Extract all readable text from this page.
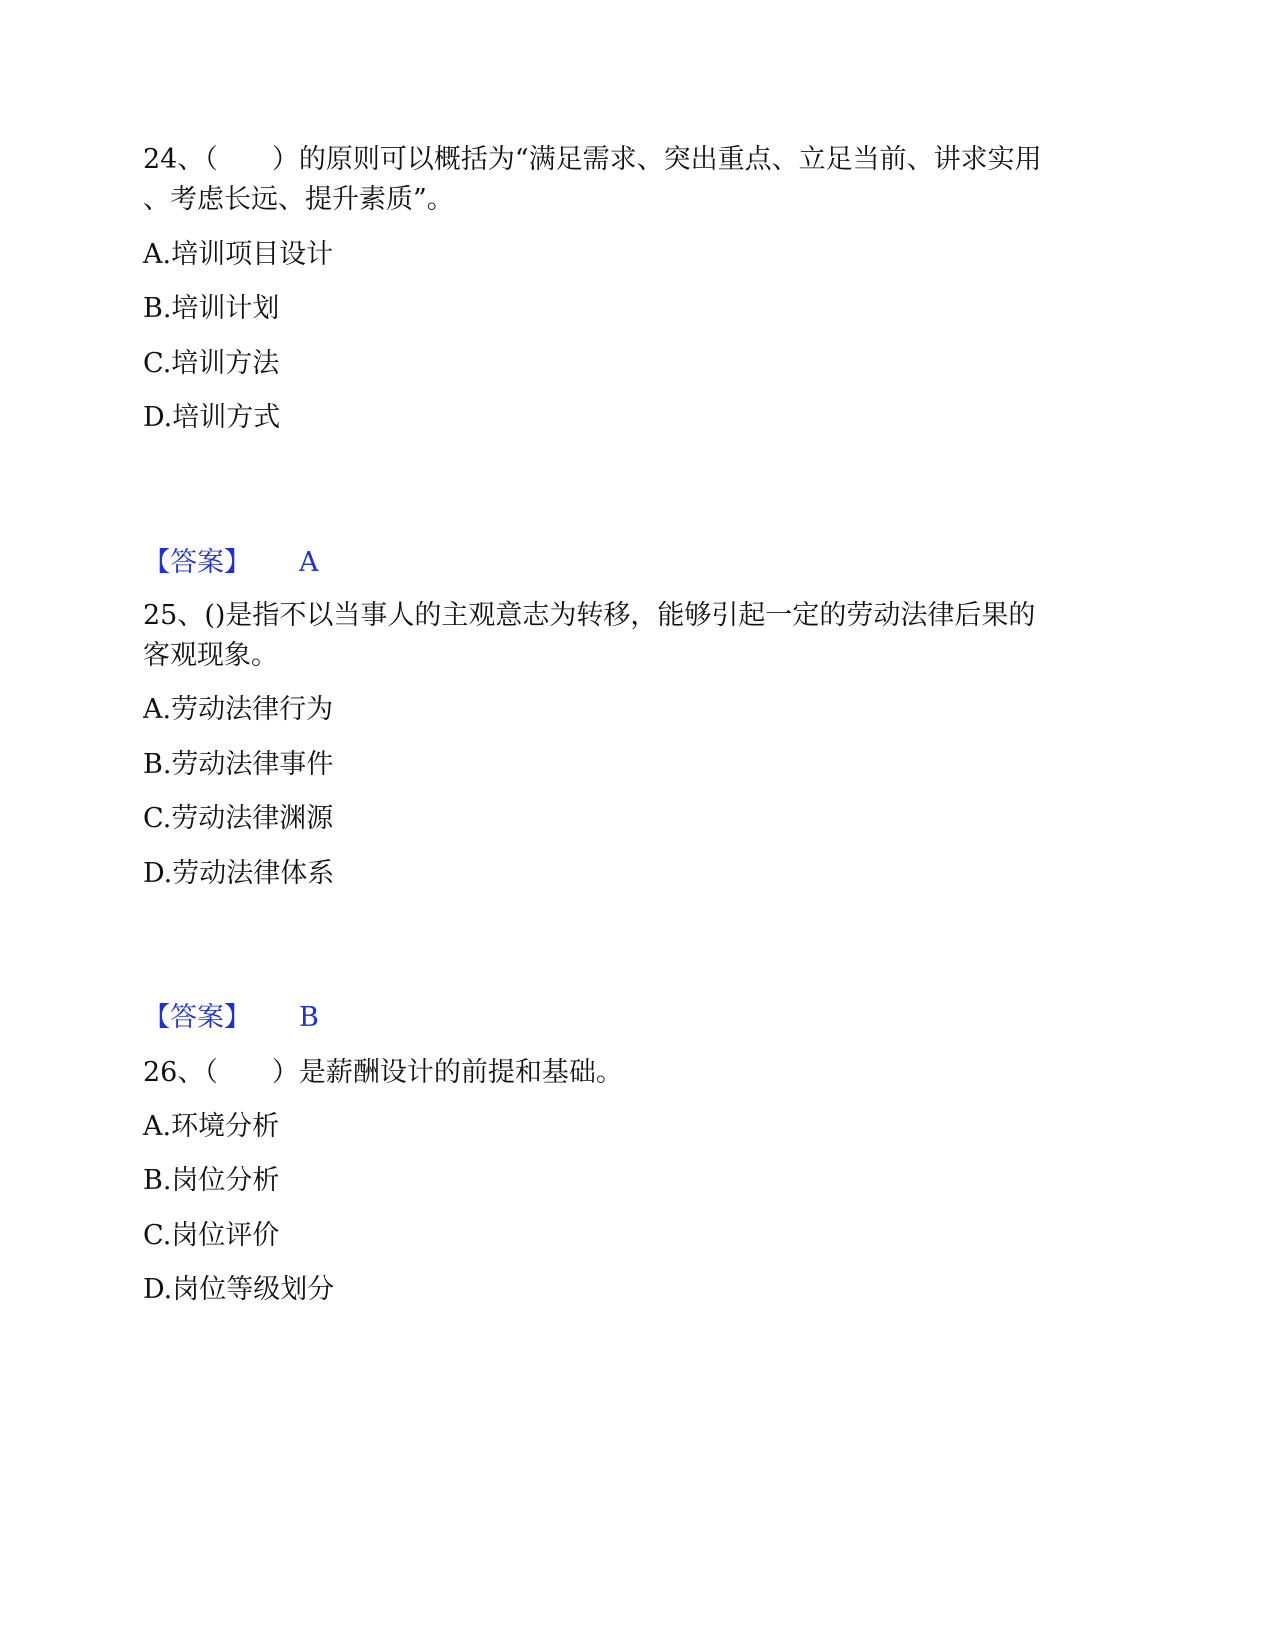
24、（　　）的原则可以概括为“满足需求、突出重点、立足当前、讲求实用
、考虑长远、提升素质”。
A.培训项目设计
B.培训计划
C.培训方法
D.培训方式
【答案】 A
25、()是指不以当事人的主观意志为转移，能够引起一定的劳动法律后果的
客观现象。
A.劳动法律行为
B.劳动法律事件
C.劳动法律渊源
D.劳动法律体系
【答案】 B
26、（　　）是薪酬设计的前提和基础。
A.环境分析
B.岗位分析
C.岗位评价
D.岗位等级划分
